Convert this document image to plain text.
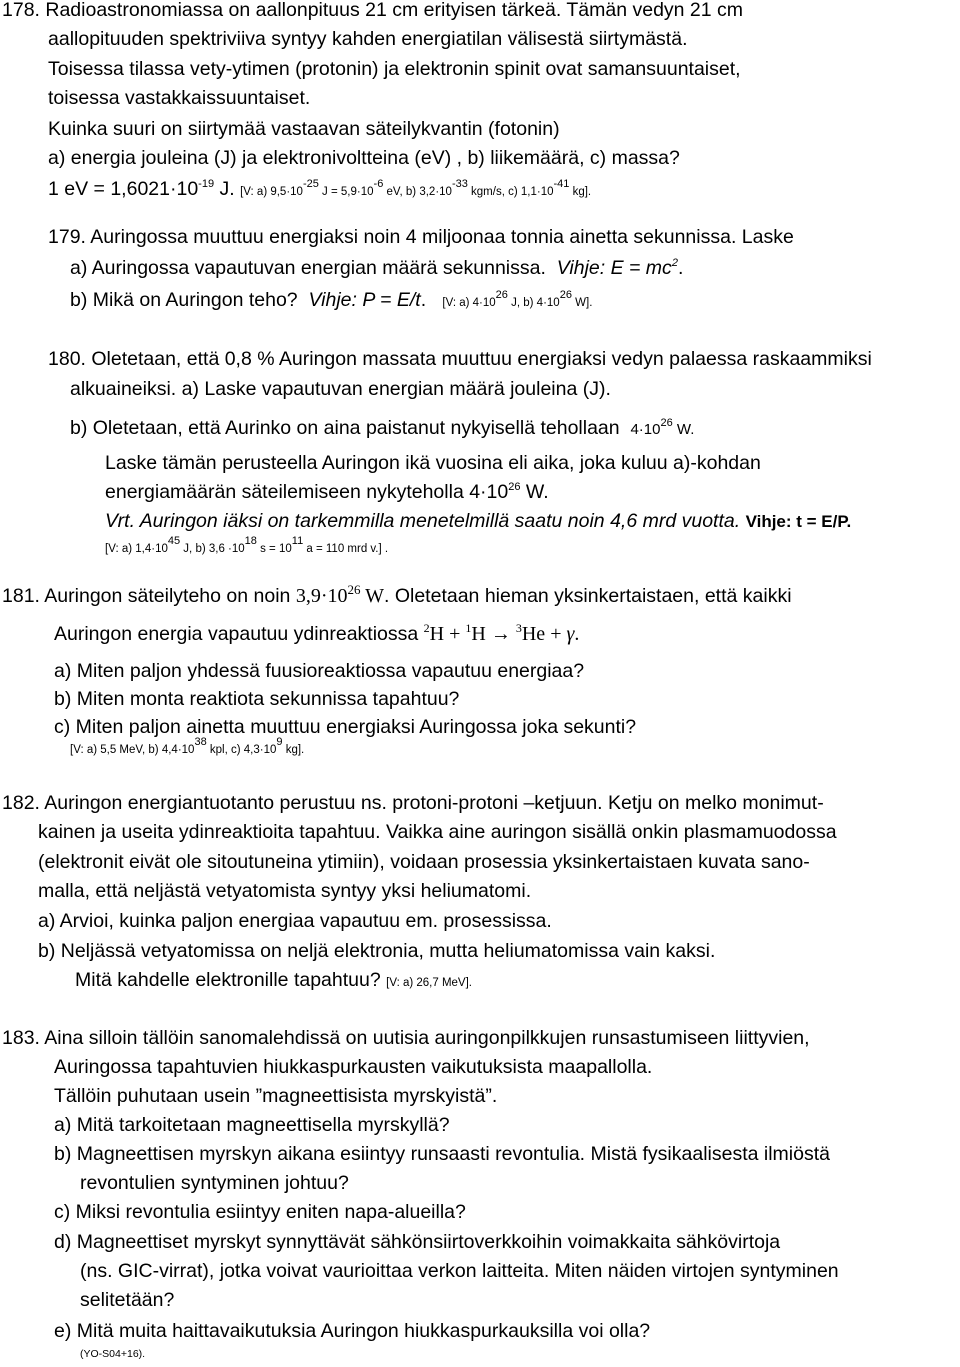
178. Radioastronomiassa on aallonpituus 21 cm erityisen tärkeä. Tämän vedyn 21 cm
aallopituuden spektriviiva syntyy kahden energiatilan välisestä siirtymästä.
Toisessa tilassa vety-ytimen (protonin) ja elektronin spinit ovat samansuuntaiset,
toisessa vastakkaissuuntaiset.
Kuinka suuri on siirtymää vastaavan säteilykvantin (fotonin)
a) energia jouleina (J) ja elektronivoltteina (eV) , b) liikemäärä, c) massa?
1 eV = $1,6021\cdot 10^{-19}$ J. [V: a) 9,5·10-25 J = 5,9·10-6 eV, b) 3,2·10-33 kgm/s, c) 1,1·10-41 kg].
179. Auringossa muuttuu energiaksi noin 4 miljoonaa tonnia ainetta sekunnissa. Laske
a) Auringossa vapautuvan energian määrä sekunnissa. Vihje: $E = mc^2$.
b) Mikä on Auringon teho? Vihje: P = E/t. [V: a) 4·1026 J, b) 4·1026 W].
180. Oletetaan, että 0,8 % Auringon massata muuttuu energiaksi vedyn palaessa raskaammiksi
alkuaineiksi. a) Laske vapautuvan energian määrä jouleina (J).
b) Oletetaan, että Aurinko on aina paistanut nykyisellä tehollaan $4\cdot 10^{26}$ W.
Laske tämän perusteella Auringon ikä vuosina eli aika, joka kuluu a)-kohdan
energiamäärän säteilemiseen nykyteholla $4\cdot 10^{26}$ W.
Vrt. Auringon iäksi on tarkemmilla menetelmillä saatu noin 4,6 mrd vuotta. Vihje: t = E/P.
[V: a) 1,4·1045 J, b) 3,6 ·1018 s = 1011 a = 110 mrd v.] .
181. Auringon säteilyteho on noin $3,9\cdot 10^{26}$ W. Oletetaan hieman yksinkertaistaen, että kaikki
Auringon energia vapautuu ydinreaktiossa $^2$H + $^1$H → $^3$He + γ.
a) Miten paljon yhdessä fuusioreaktiossa vapautuu energiaa?
b) Miten monta reaktiota sekunnissa tapahtuu?
c) Miten paljon ainetta muuttuu energiaksi Auringossa joka sekunti?
[V: a) 5,5 MeV, b) 4,4·1038 kpl, c) 4,3·109 kg].
182. Auringon energiantuotanto perustuu ns. protoni-protoni –ketjuun. Ketju on melko monimut-
kainen ja useita ydinreaktioita tapahtuu. Vaikka aine auringon sisällä onkin plasmamuodossa
(elektronit eivät ole sitoutuneina ytimiin), voidaan prosessia yksinkertaistaen kuvata sano-
malla, että neljästä vetyatomista syntyy yksi heliumatomi.
a) Arvioi, kuinka paljon energiaa vapautuu em. prosessissa.
b) Neljässä vetyatomissa on neljä elektronia, mutta heliumatomissa vain kaksi.
Mitä kahdelle elektronille tapahtuu? [V: a) 26,7 MeV].
183. Aina silloin tällöin sanomalehdissä on uutisia auringonpilkkujen runsastumiseen liittyvien,
Auringossa tapahtuvien hiukkaspurkausten vaikutuksista maapallolla.
Tällöin puhutaan usein ”magneettisista myrskyistä”.
a) Mitä tarkoitetaan magneettisella myrskyllä?
b) Magneettisen myrskyn aikana esiintyy runsaasti revontulia. Mistä fysikaalisesta ilmiöstä
revontulien syntyminen johtuu?
c) Miksi revontulia esiintyy eniten napa-alueilla?
d) Magneettiset myrskyt synnyttävät sähkönsiirtoverkkoihin voimakkaita sähkövirtoja
(ns. GIC-virrat), jotka voivat vaurioittaa verkon laitteita. Miten näiden virtojen syntyminen
selitetään?
e) Mitä muita haittavaikutuksia Auringon hiukkaspurkauksilla voi olla?
(YO-S04+16).
